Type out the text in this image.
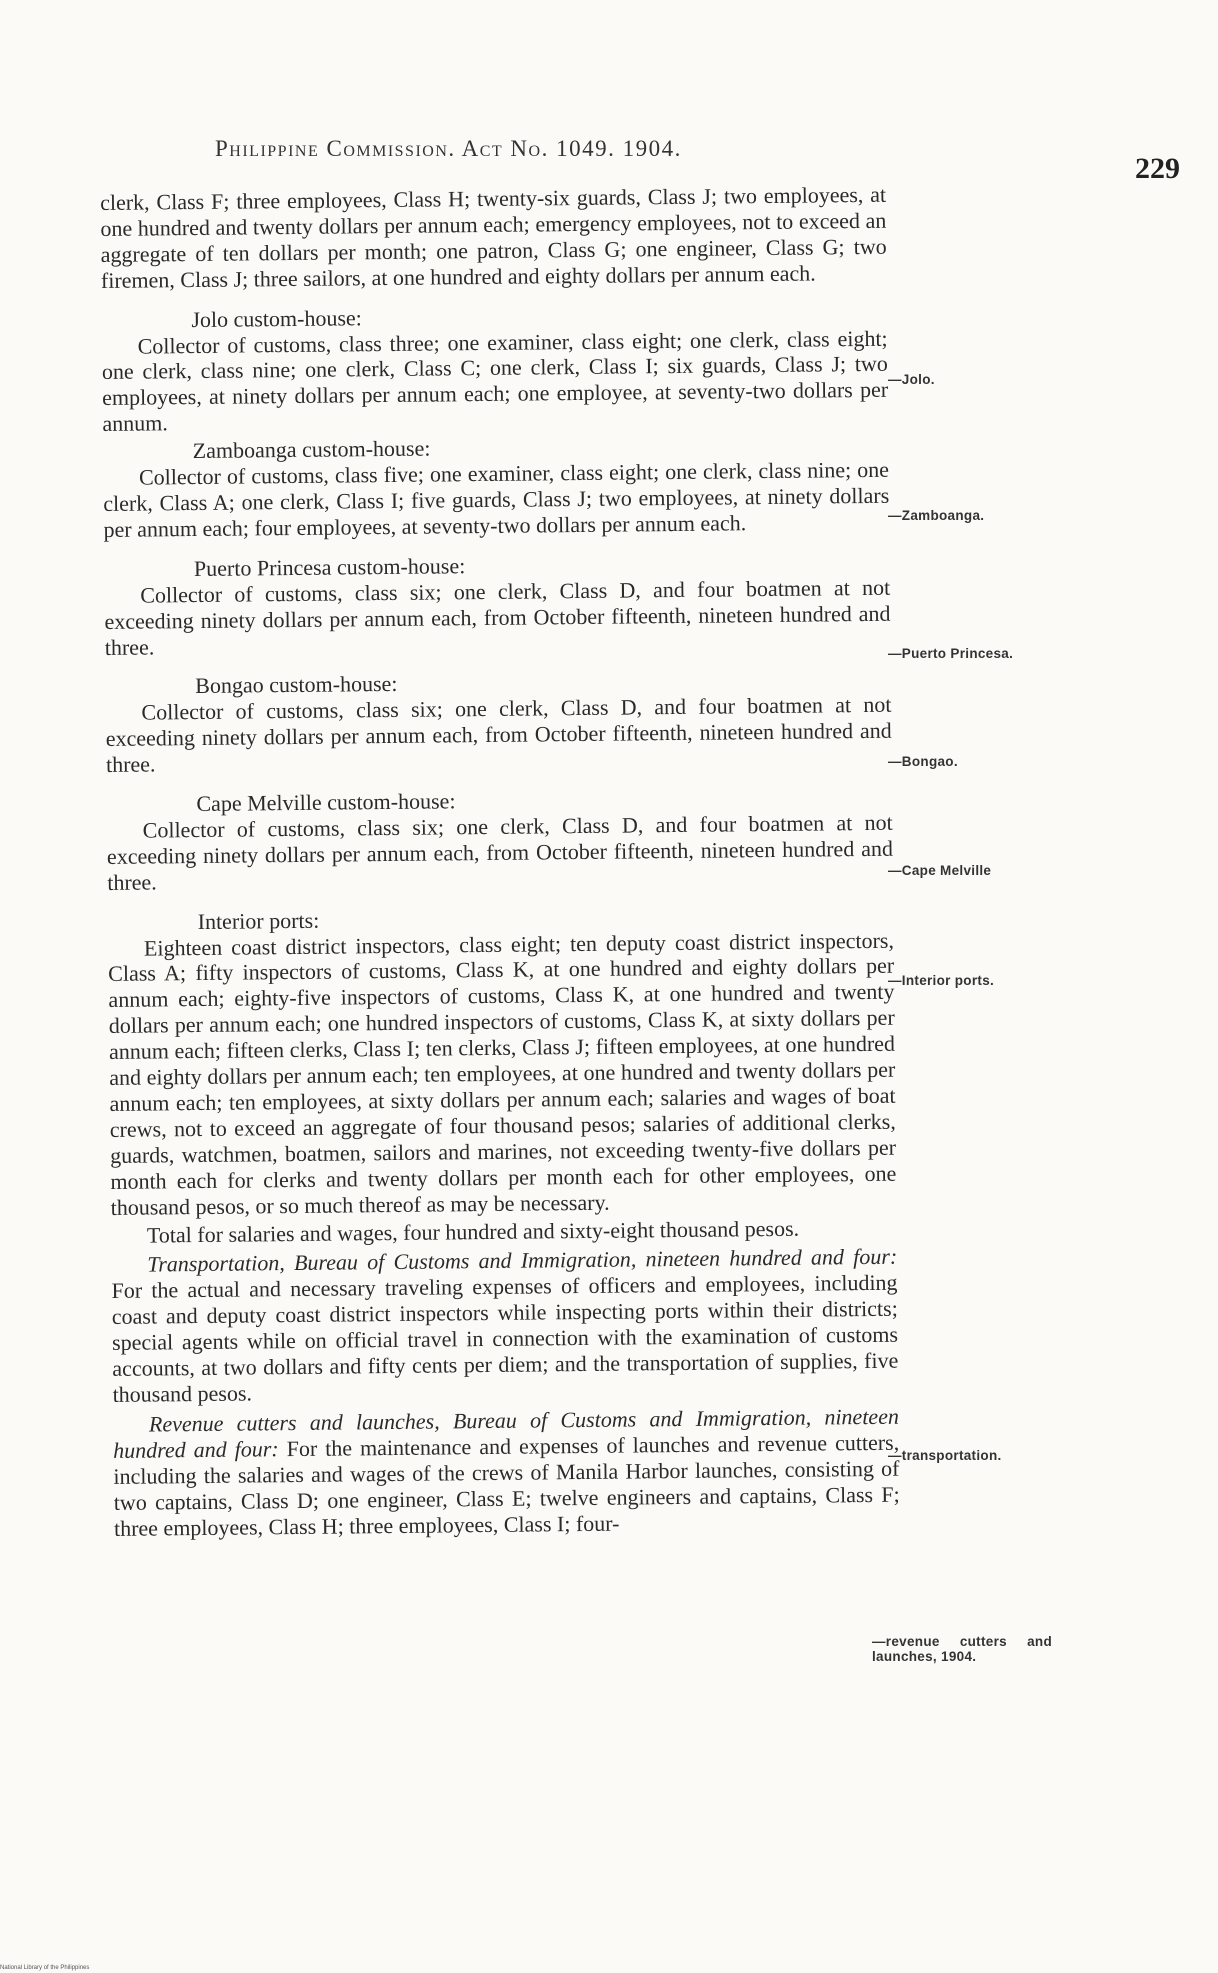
Philippine Commission. Act No. 1049. 1904.
229

clerk, Class F; three employees, Class H; twenty-six guards, Class J; two employees, at one hundred and twenty dollars per annum each; emergency employees, not to exceed an aggregate of ten dollars per month; one patron, Class G; one engineer, Class G; two firemen, Class J; three sailors, at one hundred and eighty dollars per annum each.

Jolo custom-house:

Collector of customs, class three; one examiner, class eight; one clerk, class eight; one clerk, class nine; one clerk, Class C; one clerk, Class I; six guards, Class J; two employees, at ninety dollars per annum each; one employee, at seventy-two dollars per annum.

Zamboanga custom-house:

Collector of customs, class five; one examiner, class eight; one clerk, class nine; one clerk, Class A; one clerk, Class I; five guards, Class J; two employees, at ninety dollars per annum each; four employees, at seventy-two dollars per annum each.

Puerto Princesa custom-house:

Collector of customs, class six; one clerk, Class D, and four boatmen at not exceeding ninety dollars per annum each, from October fifteenth, nineteen hundred and three.

Bongao custom-house:

Collector of customs, class six; one clerk, Class D, and four boatmen at not exceeding ninety dollars per annum each, from October fifteenth, nineteen hundred and three.

Cape Melville custom-house:

Collector of customs, class six; one clerk, Class D, and four boatmen at not exceeding ninety dollars per annum each, from October fifteenth, nineteen hundred and three.

Interior ports:

Eighteen coast district inspectors, class eight; ten deputy coast district inspectors, Class A; fifty inspectors of customs, Class K, at one hundred and eighty dollars per annum each; eighty-five inspectors of customs, Class K, at one hundred and twenty dollars per annum each; one hundred inspectors of customs, Class K, at sixty dollars per annum each; fifteen clerks, Class I; ten clerks, Class J; fifteen employees, at one hundred and eighty dollars per annum each; ten employees, at one hundred and twenty dollars per annum each; ten employees, at sixty dollars per annum each; salaries and wages of boat crews, not to exceed an aggregate of four thousand pesos; salaries of additional clerks, guards, watchmen, boatmen, sailors and marines, not exceeding twenty-five dollars per month each for clerks and twenty dollars per month each for other employees, one thousand pesos, or so much thereof as may be necessary.

Total for salaries and wages, four hundred and sixty-eight thousand pesos.

Transportation, Bureau of Customs and Immigration, nineteen hundred and four: For the actual and necessary traveling expenses of officers and employees, including coast and deputy coast district inspectors while inspecting ports within their districts; special agents while on official travel in connection with the examination of customs accounts, at two dollars and fifty cents per diem; and the transportation of supplies, five thousand pesos.

Revenue cutters and launches, Bureau of Customs and Immigration, nineteen hundred and four: For the maintenance and expenses of launches and revenue cutters, including the salaries and wages of the crews of Manila Harbor launches, consisting of two captains, Class D; one engineer, Class E; twelve engineers and captains, Class F; three employees, Class H; three employees, Class I; four-

—Jolo.
—Zamboanga.
—Puerto Princesa.
—Bongao.
—Cape Melville
—Interior ports.
—transportation.
—revenue cutters and launches, 1904.
National Library of the Philippines
